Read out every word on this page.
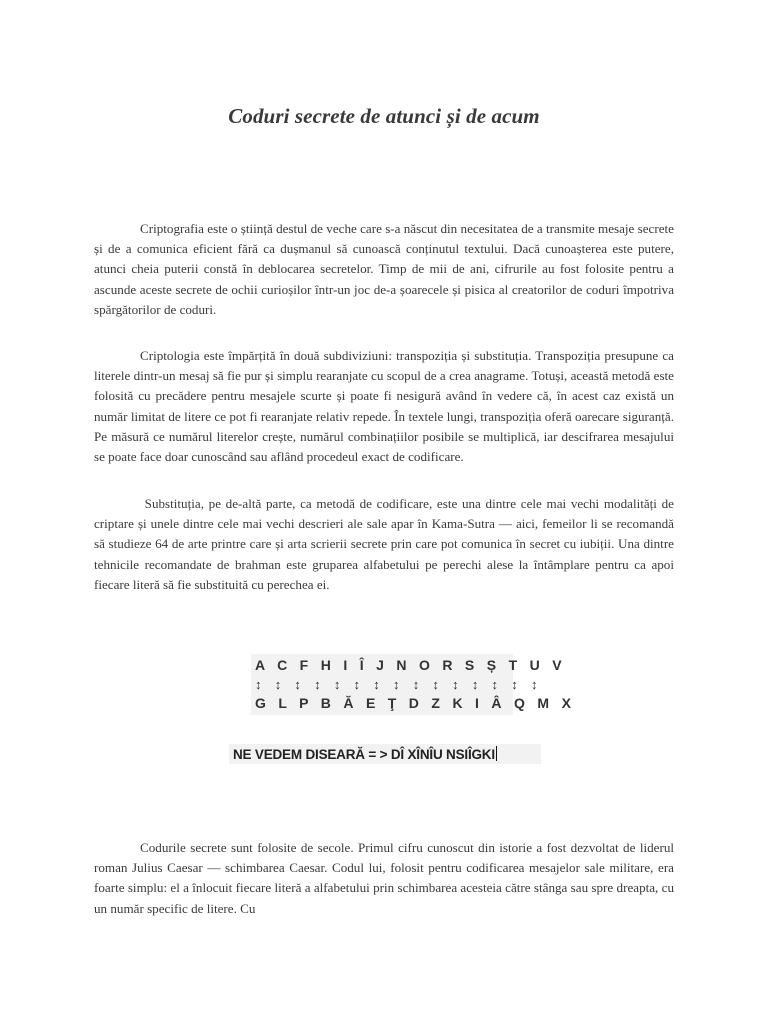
Coduri secrete de atunci și de acum

Criptografia este o știință destul de veche care s-a născut din necesitatea de a transmite mesaje secrete și de a comunica eficient fără ca dușmanul să cunoască conținutul textului. Dacă cunoașterea este putere, atunci cheia puterii constă în deblocarea secretelor. Timp de mii de ani, cifrurile au fost folosite pentru a ascunde aceste secrete de ochii curioșilor într-un joc de-a șoarecele și pisica al creatorilor de coduri împotriva spărgătorilor de coduri.

Criptologia este împărțită în două subdiviziuni: transpoziția și substituția. Transpoziția presupune ca literele dintr-un mesaj să fie pur și simplu rearanjate cu scopul de a crea anagrame. Totuși, această metodă este folosită cu precădere pentru mesajele scurte și poate fi nesigură având în vedere că, în acest caz există un număr limitat de litere ce pot fi rearanjate relativ repede. În textele lungi, transpoziția oferă oarecare siguranță. Pe măsură ce numărul literelor crește, numărul combinațiilor posibile se multiplică, iar descifrarea mesajului se poate face doar cunoscând sau aflând procedeul exact de codificare.

Substituția, pe de-altă parte, ca metodă de codificare, este una dintre cele mai vechi modalități de criptare și unele dintre cele mai vechi descrieri ale sale apar în Kama-Sutra — aici, femeilor li se recomandă să studieze 64 de arte printre care și arta scrierii secrete prin care pot comunica în secret cu iubiții. Una dintre tehnicile recomandate de brahman este gruparea alfabetului pe perechi alese la întâmplare pentru ca apoi fiecare literă să fie substituită cu perechea ei.

A C F H I Î J N O R S Ș T U V
↕ ↕ ↕ ↕ ↕ ↕ ↕ ↕ ↕ ↕ ↕ ↕ ↕ ↕ ↕
G L P B Ă E Ţ D Z K I Â Q M X
NE VEDEM DISEARĂ = > DÎ XÎNÎU NSIÎGKI

Codurile secrete sunt folosite de secole. Primul cifru cunoscut din istorie a fost dezvoltat de liderul roman Julius Caesar — schimbarea Caesar. Codul lui, folosit pentru codificarea mesajelor sale militare, era foarte simplu: el a înlocuit fiecare literă a alfabetului prin schimbarea acesteia către stânga sau spre dreapta, cu un număr specific de litere. Cu
